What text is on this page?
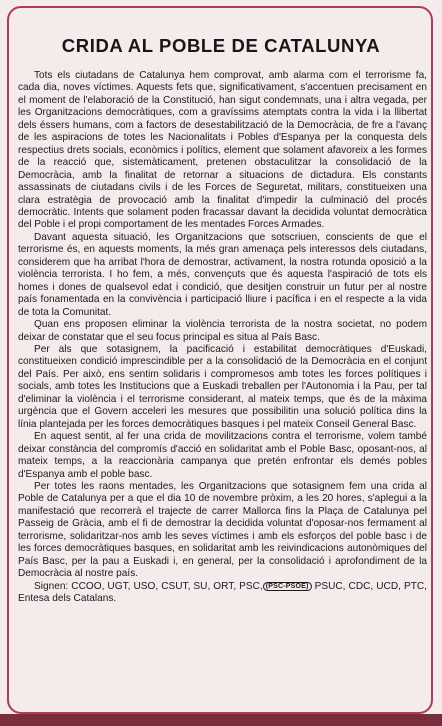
CRIDA AL POBLE DE CATALUNYA

Tots els ciutadans de Catalunya hem comprovat, amb alarma com el terrorisme fa, cada dia, noves víctimes. Aquests fets que, significativament, s'accentuen precisament en el moment de l'elaboració de la Constitució, han sigut condemnats, una i altra vegada, per les Organitzacions democràtiques, com a gravíssims atemptats contra la vida i la llibertat dels éssers humans, com a factors de desestabilització de la Democràcia, de fre a l'avanç de les aspiracions de totes les Nacionalitats i Pobles d'Espanya per la conquesta dels respectius drets socials, econòmics i polítics, element que solament afavoreix a les formes de la reacció que, sistemàticament, pretenen obstaculitzar la consolidació de la Democràcia, amb la finalitat de retornar a situacions de dictadura. Els constants assassinats de ciutadans civils i de les Forces de Seguretat, militars, constitueixen una clara estratègia de provocació amb la finalitat d'impedir la culminació del procés democràtic. Intents que solament poden fracassar davant la decidida voluntat democràtica del Poble i el propi comportament de les mentades Forces Armades.

Davant aquesta situació, les Organitzacions que sotscriuen, conscients de que el terrorisme és, en aquests moments, la més gran amenaça pels interessos dels ciutadans, considerem que ha arribat l'hora de demostrar, activament, la nostra rotunda oposició a la violència terrorista. I ho fem, a més, convençuts que és aquesta l'aspiració de tots els homes i dones de qualsevol edat i condició, que desitjen construir un futur per al nostre país fonamentada en la convivència i participació lliure i pacífica i en el respecte a la vida de tota la Comunitat.

Quan ens proposen eliminar la violència terrorista de la nostra societat, no podem deixar de constatar que el seu focus principal es situa al País Basc.

Per als que sotasignem, la pacificació i estabilitat democràtiques d'Euskadi, constitueixen condició imprescindible per a la consolidació de la Democràcia en el conjunt del País. Per això, ens sentim solidaris i compromesos amb totes les forces polítiques i socials, amb totes les Institucions que a Euskadi treballen per l'Autonomia i la Pau, per tal d'eliminar la violència i el terrorisme considerant, al mateix temps, que és de la màxima urgència que el Govern acceleri les mesures que possibilitin una solució política dins la línia plantejada per les forces democràtiques basques i pel mateix Conseil General Basc.

En aquest sentit, al fer una crida de movilitzacions contra el terrorisme, volem també deixar constància del compromís d'acció en solidaritat amb el Poble Basc, oposant-nos, al mateix temps, a la reaccionària campanya que pretén enfrontar els demés pobles d'Espanya amb el poble basc.

Per totes les raons mentades, les Organitzacions que sotasignem fem una crida al Poble de Catalunya per a que el dia 10 de novembre pròxim, a les 20 hores, s'aplegui a la manifestació que recorrerà el trajecte de carrer Mallorca fins la Plaça de Catalunya pel Passeig de Gràcia, amb el fi de demostrar la decidida voluntat d'oposar-nos fermament al terrorisme, solidaritzar-nos amb les seves víctimes i amb els esforços del poble basc i de les forces democràtiques basques, en solidaritat amb les reivindicacions autonòmiques del País Basc, per la pau a Euskadi i, en general, per la consolidació i aprofondiment de la Democràcia al nostre país.

Signen: CCOO, UGT, USO, CSUT, SU, ORT, PSC, (PSC-PSOE) PSUC, CDC, UCD, PTC, Entesa dels Catalans.
